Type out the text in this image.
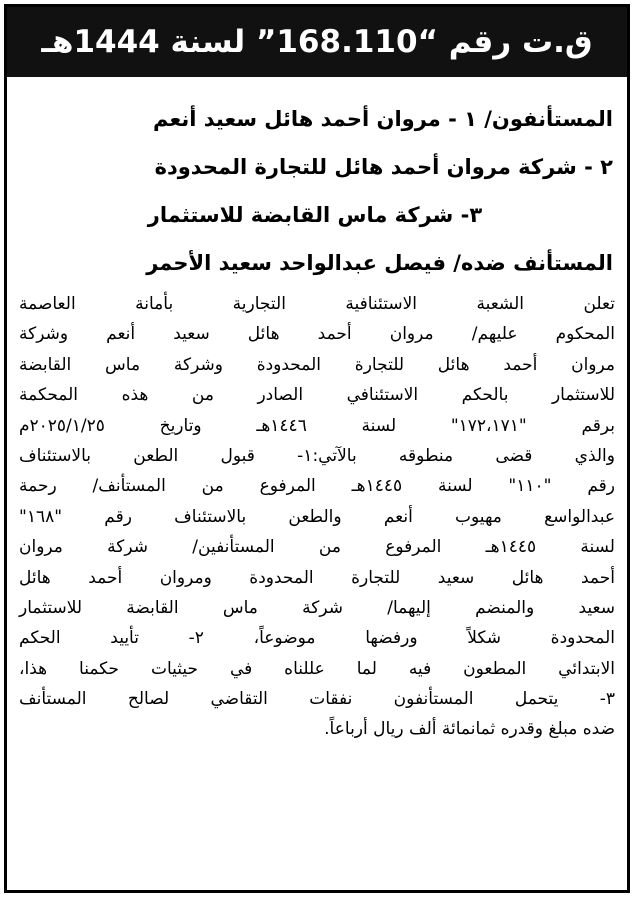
ق.ت رقم “168.110” لسنة 1444هـ
المستأنفون/ ١ - مروان أحمد هائل سعيد أنعم
٢ - شركة مروان أحمد هائل للتجارة المحدودة
٣- شركة ماس القابضة للاستثمار
المستأنف ضده/ فيصل عبدالواحد سعيد الأحمر
تعلن الشعبة الاستئنافية التجارية بأمانة العاصمة
المحكوم عليهم/ مروان أحمد هائل سعيد أنعم وشركة
مروان أحمد هائل للتجارة المحدودة وشركة ماس القابضة
للاستثمار بالحكم الاستئنافي الصادر من هذه المحكمة
برقم "١٧٢،١٧١" لسنة ١٤٤٦هـ وتاريخ ٢٠٢٥/١/٢٥م
والذي قضى منطوقه بالآتي:١- قبول الطعن بالاستئناف
رقم "١١٠" لسنة ١٤٤٥هـ المرفوع من المستأنف/ رحمة
عبدالواسع مهيوب أنعم والطعن بالاستئناف رقم "١٦٨"
لسنة ١٤٤٥هـ المرفوع من المستأنفين/ شركة مروان
أحمد هائل سعيد للتجارة المحدودة ومروان أحمد هائل
سعيد والمنضم إليهما/ شركة ماس القابضة للاستثمار
المحدودة شكلاً ورفضها موضوعاً، ٢- تأييد الحكم
الابتدائي المطعون فيه لما عللناه في حيثيات حكمنا هذا،
٣- يتحمل المستأنفون نفقات التقاضي لصالح المستأنف
ضده مبلغ وقدره ثمانمائة ألف ريال أرباعاً.
